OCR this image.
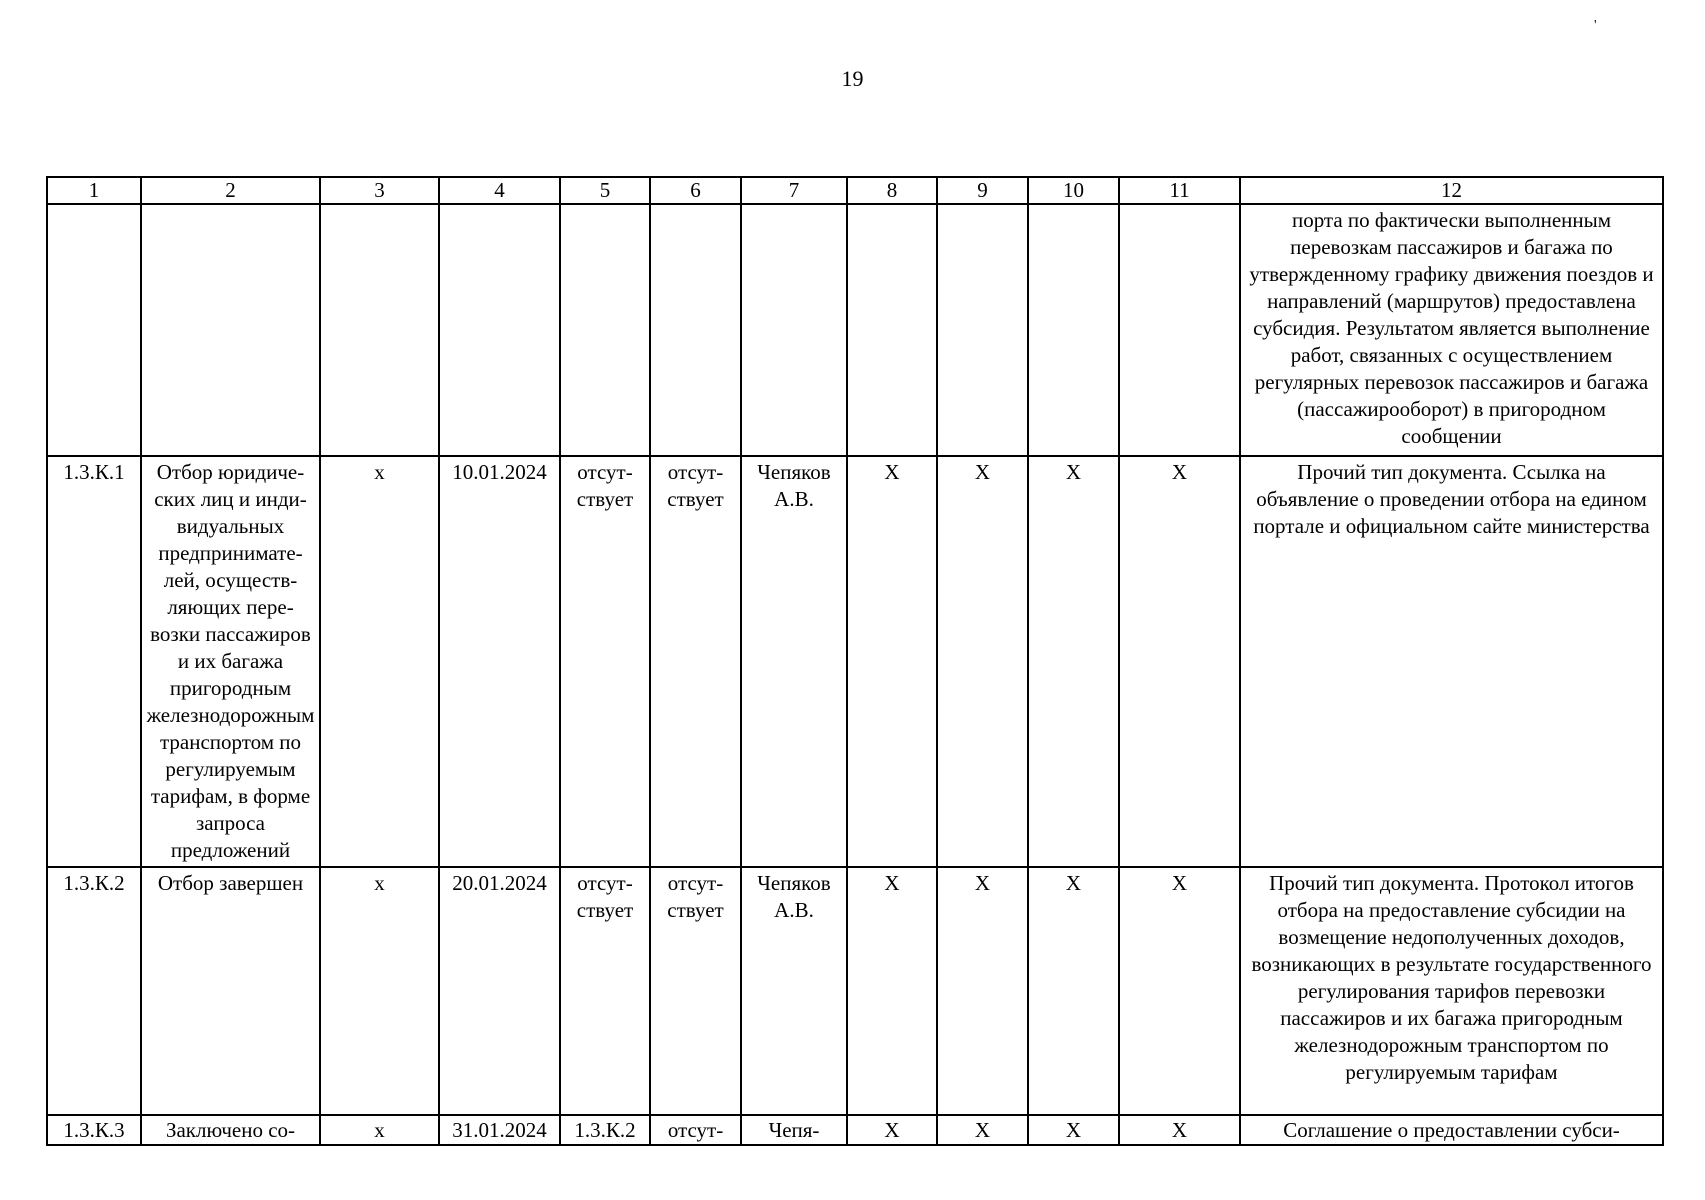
'
19
1	2	3	4	5	6	7	8	9	10	11	12
											порта по фактически выполненным перевозкам пассажиров и багажа по утвержденному графику движения поездов и направлений (маршрутов) предоставлена субсидия. Результатом является выполнение работ, связанных с осуществлением регулярных перевозок пассажиров и багажа (пассажирооборот) в пригородном сообщении
1.3.К.1	Отбор юридических лиц и индивидуальных предпринимателей, осуществляющих перевозки пассажиров и их багажа пригородным железнодорожным транспортом по регулируемым тарифам, в форме запроса предложений	х	10.01.2024	отсутствует	отсутствует	Чепяков А.В.	Х	Х	Х	Х	Прочий тип документа. Ссылка на объявление о проведении отбора на едином портале и официальном сайте министерства
1.3.К.2	Отбор завершен	х	20.01.2024	отсутствует	отсутствует	Чепяков А.В.	Х	Х	Х	Х	Прочий тип документа. Протокол итогов отбора на предоставление субсидии на возмещение недополученных доходов, возникающих в результате государственного регулирования тарифов перевозки пассажиров и их багажа пригородным железнодорожным транспортом по регулируемым тарифам
1.3.К.3	Заключено со-	х	31.01.2024	1.3.К.2	отсут-	Чепя-	Х	Х	Х	Х	Соглашение о предоставлении субси-
